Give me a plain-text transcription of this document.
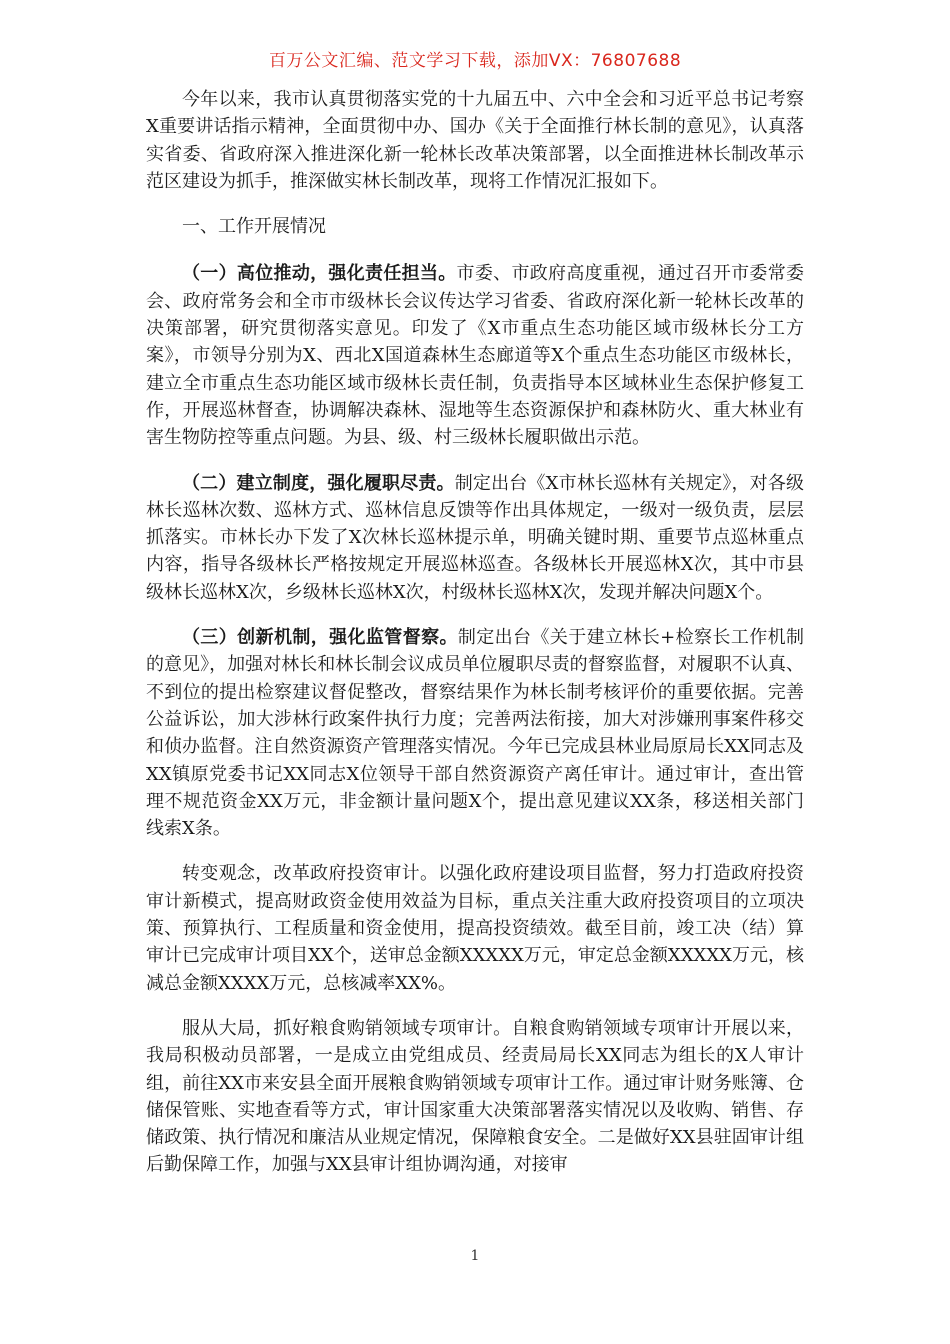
百万公文汇编、范文学习下载，添加VX：76807688

今年以来，我市认真贯彻落实党的十九届五中、六中全会和习近平总书记考察X重要讲话指示精神，全面贯彻中办、国办《关于全面推行林长制的意见》，认真落实省委、省政府深入推进深化新一轮林长改革决策部署，以全面推进林长制改革示范区建设为抓手，推深做实林长制改革，现将工作情况汇报如下。

一、工作开展情况

（一）高位推动，强化责任担当。市委、市政府高度重视，通过召开市委常委会、政府常务会和全市市级林长会议传达学习省委、省政府深化新一轮林长改革的决策部署，研究贯彻落实意见。印发了《X市重点生态功能区域市级林长分工方案》，市领导分别为X、西北X国道森林生态廊道等X个重点生态功能区市级林长，建立全市重点生态功能区域市级林长责任制，负责指导本区域林业生态保护修复工作，开展巡林督查，协调解决森林、湿地等生态资源保护和森林防火、重大林业有害生物防控等重点问题。为县、级、村三级林长履职做出示范。

（二）建立制度，强化履职尽责。制定出台《X市林长巡林有关规定》，对各级林长巡林次数、巡林方式、巡林信息反馈等作出具体规定，一级对一级负责，层层抓落实。市林长办下发了X次林长巡林提示单，明确关键时期、重要节点巡林重点内容，指导各级林长严格按规定开展巡林巡查。各级林长开展巡林X次，其中市县级林长巡林X次，乡级林长巡林X次，村级林长巡林X次，发现并解决问题X个。

（三）创新机制，强化监管督察。制定出台《关于建立林长+检察长工作机制的意见》，加强对林长和林长制会议成员单位履职尽责的督察监督，对履职不认真、不到位的提出检察建议督促整改，督察结果作为林长制考核评价的重要依据。完善公益诉讼，加大涉林行政案件执行力度；完善两法衔接，加大对涉嫌刑事案件移交和侦办监督。注自然资源资产管理落实情况。今年已完成县林业局原局长XX同志及XX镇原党委书记XX同志X位领导干部自然资源资产离任审计。通过审计，查出管理不规范资金XX万元，非金额计量问题X个，提出意见建议XX条，移送相关部门线索X条。

转变观念，改革政府投资审计。以强化政府建设项目监督，努力打造政府投资审计新模式，提高财政资金使用效益为目标，重点关注重大政府投资项目的立项决策、预算执行、工程质量和资金使用，提高投资绩效。截至目前，竣工决（结）算审计已完成审计项目XX个，送审总金额XXXXX万元，审定总金额XXXXX万元，核减总金额XXXX万元，总核减率XX%。

服从大局，抓好粮食购销领域专项审计。自粮食购销领域专项审计开展以来，我局积极动员部署，一是成立由党组成员、经责局局长XX同志为组长的X人审计组，前往XX市来安县全面开展粮食购销领域专项审计工作。通过审计财务账簿、仓储保管账、实地查看等方式，审计国家重大决策部署落实情况以及收购、销售、存储政策、执行情况和廉洁从业规定情况，保障粮食安全。二是做好XX县驻固审计组后勤保障工作，加强与XX县审计组协调沟通，对接审

1
